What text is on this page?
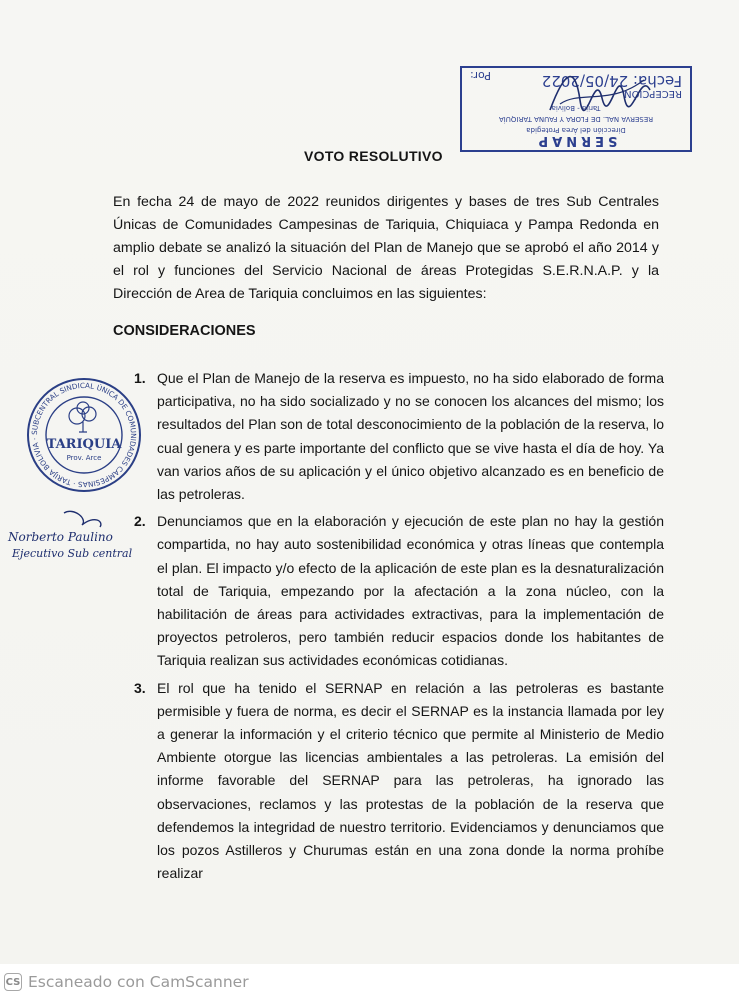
SERNAP
Dirección del Área Protegida
RESERVA NAL. DE FLORA Y FAUNA TARIQUÍA
Tarija - Bolivia
RECEPCIÓN
Fecha: 24/05/2022
Por:
VOTO RESOLUTIVO
En fecha 24 de mayo de 2022 reunidos dirigentes y bases de tres Sub Centrales Únicas de Comunidades Campesinas de Tariquia, Chiquiaca y Pampa Redonda en amplio debate se analizó la situación del Plan de Manejo que se aprobó el año 2014 y el rol y funciones del Servicio Nacional de áreas Protegidas S.E.R.N.A.P. y la Dirección de Area de Tariquia concluimos en las siguientes:
CONSIDERACIONES
1. Que el Plan de Manejo de la reserva es impuesto, no ha sido elaborado de forma participativa, no ha sido socializado y no se conocen los alcances del mismo; los resultados del Plan son de total desconocimiento de la población de la reserva, lo cual genera y es parte importante del conflicto que se vive hasta el día de hoy. Ya van varios años de su aplicación y el único objetivo alcanzado es en beneficio de las petroleras.
2. Denunciamos que en la elaboración y ejecución de este plan no hay la gestión compartida, no hay auto sostenibilidad económica y otras líneas que contempla el plan. El impacto y/o efecto de la aplicación de este plan es la desnaturalización total de Tariquia, empezando por la afectación a la zona núcleo, con la habilitación de áreas para actividades extractivas, para la implementación de proyectos petroleros, pero también reducir espacios donde los habitantes de Tariquia realizan sus actividades económicas cotidianas.
3. El rol que ha tenido el SERNAP en relación a las petroleras es bastante permisible y fuera de norma, es decir el SERNAP es la instancia llamada por ley a generar la información y el criterio técnico que permite al Ministerio de Medio Ambiente otorgue las licencias ambientales a las petroleras. La emisión del informe favorable del SERNAP para las petroleras, ha ignorado las observaciones, reclamos y las protestas de la población de la reserva que defendemos la integridad de nuestro territorio. Evidenciamos y denunciamos que los pozos Astilleros y Churumas están en una zona donde la norma prohíbe realizar
SUBCENTRAL SINDICAL ÚNICA DE COMUNIDADES CAMPESINAS · TARIJA BOLIVIA · TARIQUIA
Prov. Arce
Norberto Paulino
Ejecutivo Sub central
CS Escaneado con CamScanner
